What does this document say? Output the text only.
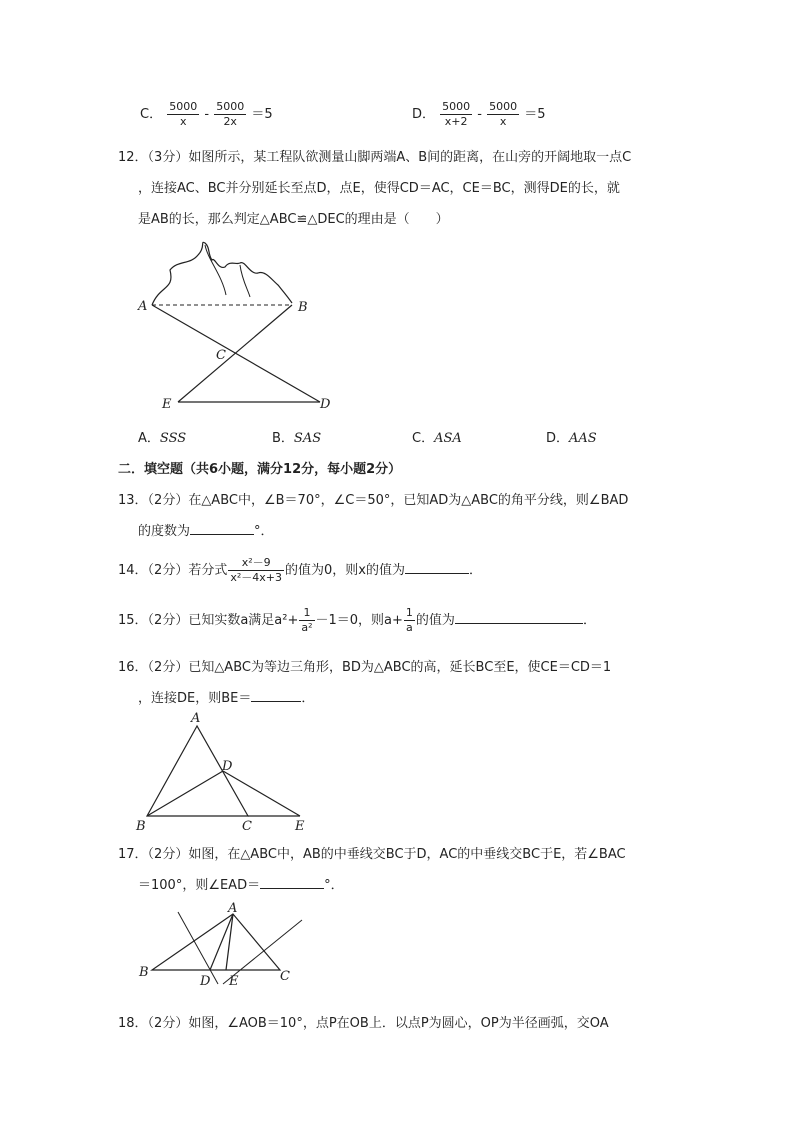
C． $\frac{5000}{x} - \frac{5000}{2x} =5$	D． $\frac{5000}{x+2} - \frac{5000}{x} =5$
12．（3分）如图所示，某工程队欲测量山脚两端A、B间的距离，在山旁的开阔地取一点C
，连接AC、BC并分别延长至点D，点E，使得CD＝AC，CE＝BC，测得DE的长，就
是AB的长，那么判定△ABC≌△DEC的理由是（　　）
A	B
C
E	D
A．SSS	B．SAS	C．ASA	D．AAS
二．填空题（共6小题，满分12分，每小题2分）
13．（2分）在△ABC中，∠B＝70°，∠C＝50°，已知AD为△ABC的角平分线，则∠BAD
的度数为	°．
14．（2分）若分式 $\frac{\text{x²－9}}{\text{x²－4x+3}}$ 的值为0，则x的值为	．
15．（2分）已知实数a满足$a^2+ \frac{1}{\text{a²}} -1=0$，则$a+ \frac{1}{a}$ 的值为	．
16．（2分）已知△ABC为等边三角形，BD为△ABC的高，延长BC至E，使CE＝CD＝1
，连接DE，则BE＝	．
A
B	C
D
E
17．（2分）如图，在△ABC中，AB的中垂线交BC于D，AC的中垂线交BC于E，若∠BAC
＝100°，则∠EAD＝	°．
A
B	C
D E
18．（2分）如图，∠AOB＝10°，点P在OB上．以点P为圆心，OP为半径画弧，交OA
